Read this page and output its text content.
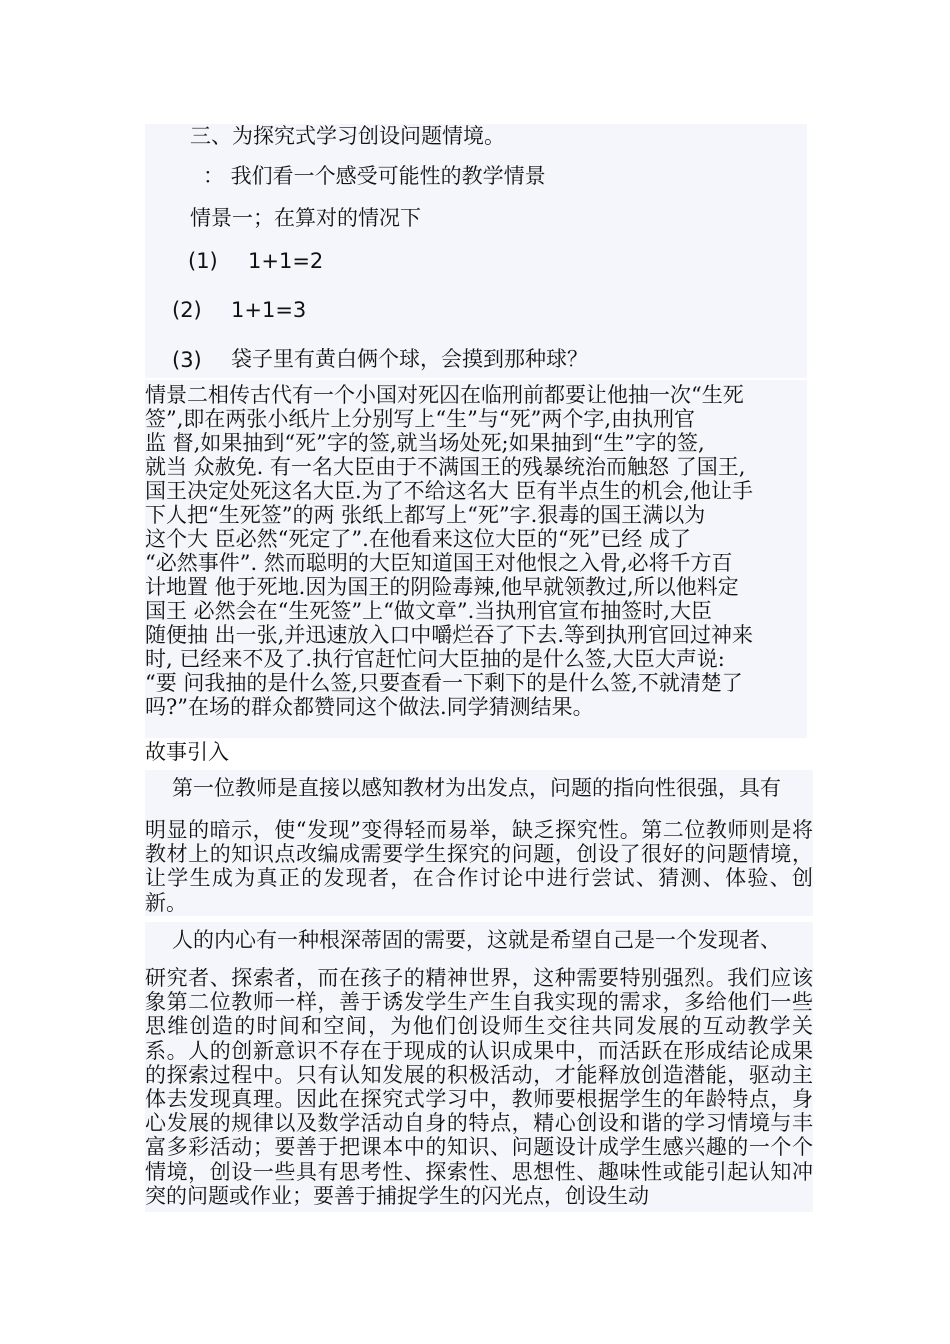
三、为探究式学习创设问题情境。
： 我们看一个感受可能性的教学情景
情景一；在算对的情况下
(1) 1+1=2
(2) 1+1=3
(3) 袋子里有黄白俩个球，会摸到那种球？
情景二相传古代有一个小国对死囚在临刑前都要让他抽一次“生死
签”,即在两张小纸片上分别写上“生”与“死”两个字,由执刑官
监 督,如果抽到“死”字的签,就当场处死;如果抽到“生”字的签,
就当 众赦免. 有一名大臣由于不满国王的残暴统治而触怒 了国王,
国王决定处死这名大臣.为了不给这名大 臣有半点生的机会,他让手
下人把“生死签”的两 张纸上都写上“死”字.狠毒的国王满以为
这个大 臣必然“死定了”.在他看来这位大臣的“死”已经 成了
“必然事件”. 然而聪明的大臣知道国王对他恨之入骨,必将千方百
计地置 他于死地.因为国王的阴险毒辣,他早就领教过,所以他料定
国王 必然会在“生死签”上“做文章”.当执刑官宣布抽签时,大臣
随便抽 出一张,并迅速放入口中嚼烂吞了下去.等到执刑官回过神来
时, 已经来不及了.执行官赶忙问大臣抽的是什么签,大臣大声说:
“要 问我抽的是什么签,只要查看一下剩下的是什么签,不就清楚了
吗?”在场的群众都赞同这个做法.同学猜测结果。
故事引入
第一位教师是直接以感知教材为出发点，问题的指向性很强，具有
明显的暗示，使“发现”变得轻而易举，缺乏探究性。第二位教师则是将教材上的知识点改编成需要学生探究的问题，创设了很好的问题情境，让学生成为真正的发现者，在合作讨论中进行尝试、猜测、体验、创新。
人的内心有一种根深蒂固的需要，这就是希望自己是一个发现者、
研究者、探索者，而在孩子的精神世界，这种需要特别强烈。我们应该象第二位教师一样，善于诱发学生产生自我实现的需求，多给他们一些思维创造的时间和空间，为他们创设师生交往共同发展的互动教学关系。人的创新意识不存在于现成的认识成果中，而活跃在形成结论成果的探索过程中。只有认知发展的积极活动，才能释放创造潜能，驱动主体去发现真理。因此在探究式学习中，教师要根据学生的年龄特点，身心发展的规律以及数学活动自身的特点，精心创设和谐的学习情境与丰富多彩活动；要善于把课本中的知识、问题设计成学生感兴趣的一个个情境，创设一些具有思考性、探索性、思想性、趣味性或能引起认知冲突的问题或作业；要善于捕捉学生的闪光点，创设生动
